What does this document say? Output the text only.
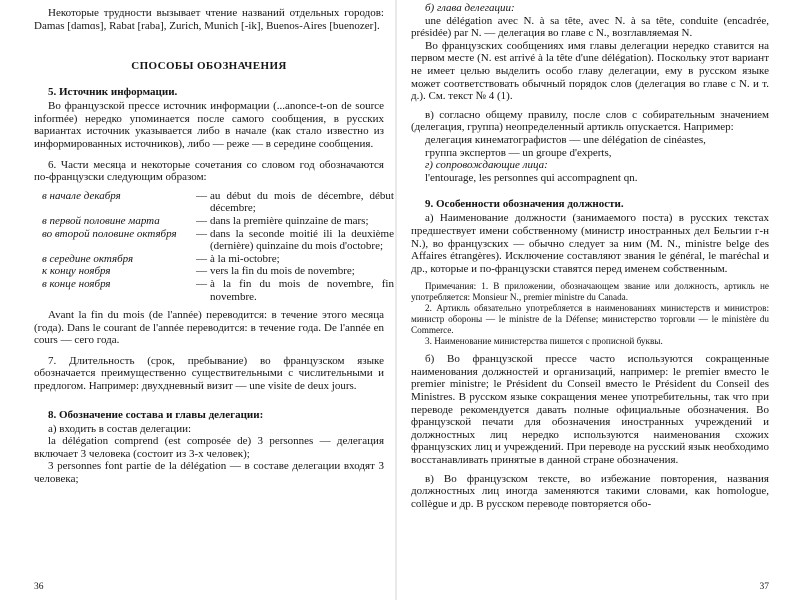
Некоторые трудности вызывает чтение названий отдельных городов: Damas [damɑs], Rabat [raba], Zurich, Munich [-ik], Buenos-Aires [buenozer].

СПОСОБЫ ОБОЗНАЧЕНИЯ
5. Источник информации.

Во французской прессе источник информации (...anonce-t-on de source informée) нередко упоминается после самого сообщения, в русских вариантах источник указывается либо в начале (как стало известно из информированных источников), либо — реже — в середине сообщения.

6. Части месяца и некоторые сочетания со словом год обозначаются по-французски следующим образом:

в начале декабря	—	au début du mois de décembre, début décembre;
в первой половине марта	—	dans la première quinzaine de mars;
во второй половине октября	—	dans la seconde moitié ili la deuxième (dernière) quinzaine du mois d'octobre;
в середине октября	—	à la mi-octobre;
к концу ноября	—	vers la fin du mois de novembre;
в конце ноября	—	à la fin du mois de novembre, fin novembre.

Avant la fin du mois (de l'année) переводится: в течение этого месяца (года). Dans le courant de l'année переводится: в течение года. De l'année en cours — сего года.

7. Длительность (срок, пребывание) во французском языке обозначается преимущественно существительными с числительными и предлогом. Например: двухдневный визит — une visite de deux jours.

8. Обозначение состава и главы делегации:

а) входить в состав делегации:

la délégation comprend (est composée de) 3 personnes — делегация включает 3 человека (состоит из 3-х человек);

3 personnes font partie de la délégation — в составе делегации входят 3 человека;

36

б) глава делегации:

une délégation avec N. à sa tête, avec N. à sa tête, conduite (encadrée, présidée) par N. — делегация во главе с N., возглавляемая N.

Во французских сообщениях имя главы делегации нередко ставится на первом месте (N. est arrivé à la tête d'une délégation). Поскольку этот вариант не имеет целью выделить особо главу делегации, ему в русском языке может соответствовать обычный порядок слов (делегация во главе с N. и т. д.). См. текст № 4 (1).

в) согласно общему правилу, после слов с собирательным значением (делегация, группа) неопределенный артикль опускается. Например:

делегация кинематографистов — une délégation de cinéastes,

группа экспертов — un groupe d'experts,

г) сопровождающие лица:

l'entourage, les personnes qui accompagnent qn.

9. Особенности обозначения должности.

а) Наименование должности (занимаемого поста) в русских текстах предшествует имени собственному (министр иностранных дел Бельгии г-н N.), во французских — обычно следует за ним (M. N., ministre belge des Affaires étrangères). Исключение составляют звания le général, le maréchal и др., которые и по-французски ставятся перед именем собственным.

Примечания: 1. В приложении, обозначающем звание или должность, артикль не употребляется: Monsieur N., premier ministre du Canada.

2. Артикль обязательно употребляется в наименованиях министерств и министров: министр обороны — le ministre de la Défense; министерство торговли — le ministère du Commerce.

3. Наименование министерства пишется с прописной буквы.

б) Во французской прессе часто используются сокращенные наименования должностей и организаций, например: le premier вместо le premier ministre; le Président du Conseil вместо le Président du Conseil des Ministres. В русском языке сокращения менее употребительны, так что при переводе рекомендуется давать полные официальные обозначения. Во французской печати для обозначения иностранных учреждений и должностных лиц нередко используются наименования схожих французских лиц и учреждений. При переводе на русский язык необходимо восстанавливать принятые в данной стране обозначения.

в) Во французском тексте, во избежание повторения, названия должностных лиц иногда заменяются такими словами, как homologue, collègue и др. В русском переводе повторяется обо-

37
